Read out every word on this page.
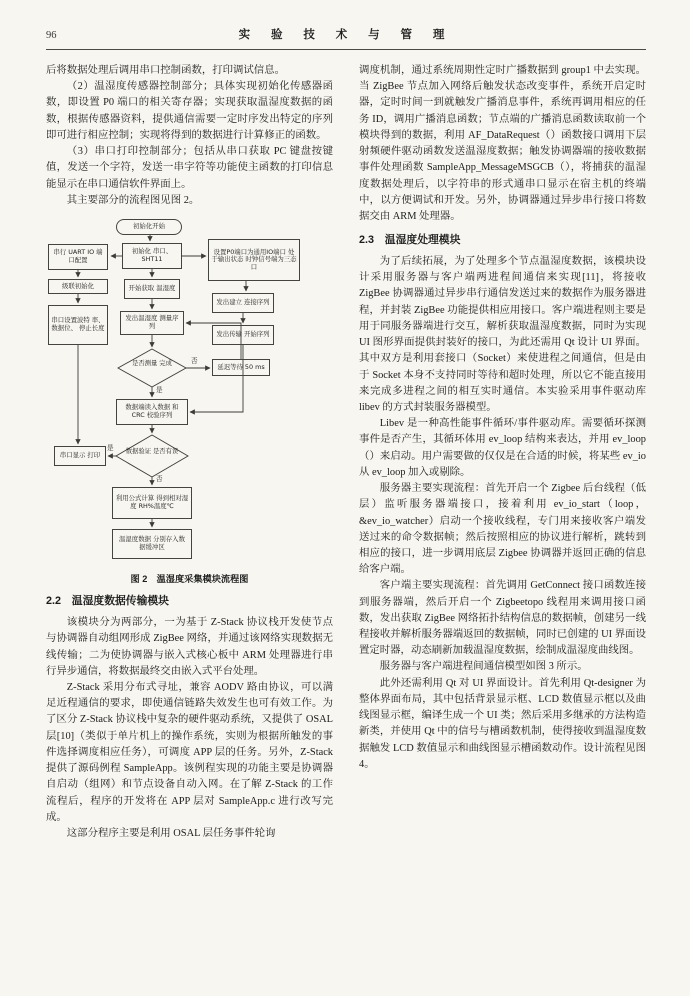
96	实 验 技 术 与 管 理

后将数据处理后调用串口控制函数，打印调试信息。

（2）温湿度传感器控制部分；具体实现初始化传感器函数，即设置 P0 端口的相关寄存器；实现获取温湿度数据的函数，根据传感器资料，提供通信需要一定时序发出特定的序列即可进行相应控制；实现将得到的数据进行计算修正的函数。

（3）串口打印控制部分；包括从串口获取 PC 键盘按键值，发送一个字符，发送一串字符等功能使主函数的打印信息能显示在串口通信软件界面上。

其主要部分的流程图见图 2。

初始化开始
串行 UART IO 端口配置
初始化 串口、SHT11
设置P0端口为通用IO端口 处于输出状态 时钟信号端为三态口
级联初始化	开始获取 温湿度
发出建立 连接序列
串口设置波特 率、数据位、 停止长度
发出温湿度 测量序列
发出传输 开始序列
是否测量 完成	延迟等待 50 ms
数据端读入数据 和 CRC 校验序列
数据验证 是否有误
串口显示 打印
利用公式计算 得到相对湿度 RH%温度℃
温湿度数据 分别存入数 据缓冲区
否
是
是
否
图 2　温湿度采集模块流程图
2.2　温湿度数据传输模块

该模块分为两部分，一为基于 Z-Stack 协议栈开发使节点与协调器自动组网形成 ZigBee 网络，并通过该网络实现数据无线传输；二为使协调器与嵌入式核心板中 ARM 处理器进行串行异步通信，将数据最终交由嵌入式平台处理。

Z-Stack 采用分布式寻址，兼容 AODV 路由协议，可以满足近程通信的要求，即使通信链路失效发生也可有效工作。为了区分 Z-Stack 协议栈中复杂的硬件驱动系统，又提供了 OSAL 层[10]（类似于单片机上的操作系统，实则为根据所触发的事件选择调度相应任务），可调度 APP 层的任务。另外，Z-Stack 提供了源码例程 SampleApp。该例程实现的功能主要是协调器自启动（组网）和节点设备自动入网。在了解 Z-Stack 的工作流程后，程序的开发将在 APP 层对 SampleApp.c 进行改写完成。

这部分程序主要是利用 OSAL 层任务事件轮询

调度机制，通过系统周期性定时广播数据到 group1 中去实现。当 ZigBee 节点加入网络后触发状态改变事件，系统开启定时器，定时时间一到就触发广播消息事件，系统再调用相应的任务 ID，调用广播消息函数；节点端的广播消息函数读取前一个模块得到的数据，利用 AF_DataRequest（）函数接口调用下层射频硬件驱动函数发送温湿度数据；触发协调器端的接收数据事件处理函数 SampleApp_MessageMSGCB（），将捕获的温湿度数据处理后，以字符串的形式通串口显示在宿主机的终端中，以方便调试和开发。另外，协调器通过异步串行接口将数据交由 ARM 处理器。

2.3　温湿度处理模块

为了后续拓展，为了处理多个节点温湿度数据，该模块设计采用服务器与客户端两进程间通信来实现[11]，将接收 ZigBee 协调器通过异步串行通信发送过来的数据作为服务器进程，并封装 ZigBee 功能提供相应用接口。客户端进程则主要是用于同服务器端进行交互，解析获取温湿度数据，同时为实现 UI 图形界面提供封装好的接口，为此还需用 Qt 设计 UI 界面。其中双方是利用套接口（Socket）来使进程之间通信，但是由于 Socket 本身不支持同时等待和超时处理，所以它不能直接用来完成多进程之间的相互实时通信。本实验采用事件驱动库 libev 的方式封装服务器模型。

Libev 是一种高性能事件循环/事件驱动库。需要循环探测事件是否产生，其循环体用 ev_loop 结构来表达，并用 ev_loop（）来启动。用户需要做的仅仅是在合适的时候，将某些 ev_io 从 ev_loop 加入或剔除。

服务器主要实现流程：首先开启一个 Zigbee 后台线程（低层）监听服务器端接口，接着利用 ev_io_start（loop，&ev_io_watcher）启动一个接收线程，专门用来接收客户端发送过来的命令数据帧；然后按照相应的协议进行解析，跳转到相应的接口，进一步调用底层 Zigbee 协调器并返回正确的信息给客户端。

客户端主要实现流程：首先调用 GetConnect 接口函数连接到服务器端，然后开启一个 Zigbeetopo 线程用来调用接口函数，发出获取 ZigBee 网络拓扑结构信息的数据帧，创建另一线程接收并解析服务器端返回的数据帧，同时已创建的 UI 界面设置定时器，动态刷新加载温湿度数据，绘制成温湿度曲线图。

服务器与客户端进程间通信模型如图 3 所示。

此外还需利用 Qt 对 UI 界面设计。首先利用 Qt-designer 为整体界面布局，其中包括背景显示框、LCD 数值显示框以及曲线图显示框，编译生成一个 UI 类；然后采用多继承的方法构造新类，并使用 Qt 中的信号与槽函数机制，使得接收到温湿度数据触发 LCD 数值显示和曲线图显示槽函数动作。设计流程见图 4。
